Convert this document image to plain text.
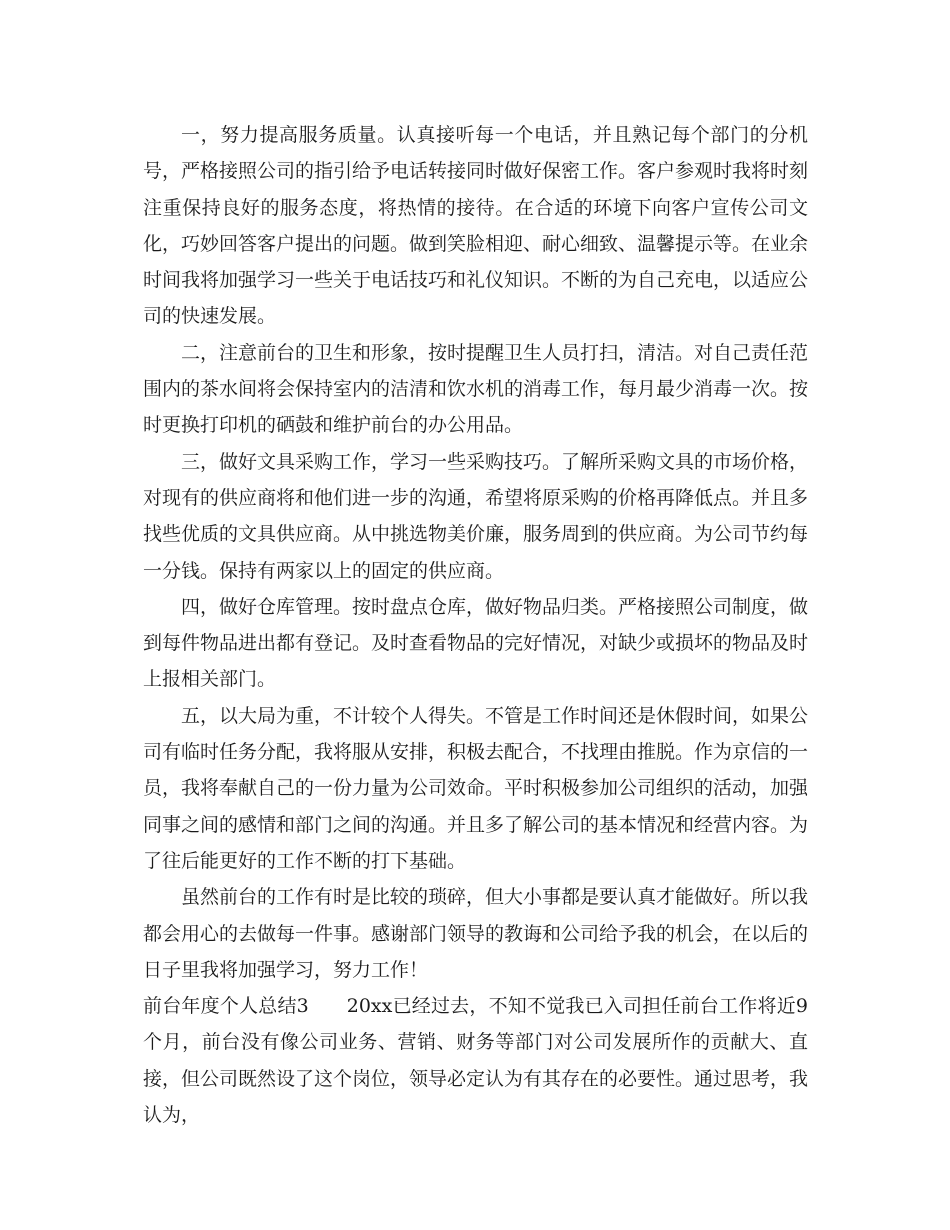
一，努力提高服务质量。认真接听每一个电话，并且熟记每个部门的分机号，严格接照公司的指引给予电话转接同时做好保密工作。客户参观时我将时刻注重保持良好的服务态度，将热情的接待。在合适的环境下向客户宣传公司文化，巧妙回答客户提出的问题。做到笑脸相迎、耐心细致、温馨提示等。在业余时间我将加强学习一些关于电话技巧和礼仪知识。不断的为自己充电，以适应公司的快速发展。

二，注意前台的卫生和形象，按时提醒卫生人员打扫，清洁。对自己责任范围内的茶水间将会保持室内的洁清和饮水机的消毒工作，每月最少消毒一次。按时更换打印机的硒鼓和维护前台的办公用品。

三，做好文具采购工作，学习一些采购技巧。了解所采购文具的市场价格，对现有的供应商将和他们进一步的沟通，希望将原采购的价格再降低点。并且多找些优质的文具供应商。从中挑选物美价廉，服务周到的供应商。为公司节约每一分钱。保持有两家以上的固定的供应商。

四，做好仓库管理。按时盘点仓库，做好物品归类。严格接照公司制度，做到每件物品进出都有登记。及时查看物品的完好情况，对缺少或损坏的物品及时上报相关部门。

五，以大局为重，不计较个人得失。不管是工作时间还是休假时间，如果公司有临时任务分配，我将服从安排，积极去配合，不找理由推脱。作为京信的一员，我将奉献自己的一份力量为公司效命。平时积极参加公司组织的活动，加强同事之间的感情和部门之间的沟通。并且多了解公司的基本情况和经营内容。为了往后能更好的工作不断的打下基础。

虽然前台的工作有时是比较的琐碎，但大小事都是要认真才能做好。所以我都会用心的去做每一件事。感谢部门领导的教诲和公司给予我的机会，在以后的日子里我将加强学习，努力工作！

前台年度个人总结3 20xx已经过去，不知不觉我已入司担任前台工作将近9个月，前台没有像公司业务、营销、财务等部门对公司发展所作的贡献大、直接，但公司既然设了这个岗位，领导必定认为有其存在的必要性。通过思考，我认为，
